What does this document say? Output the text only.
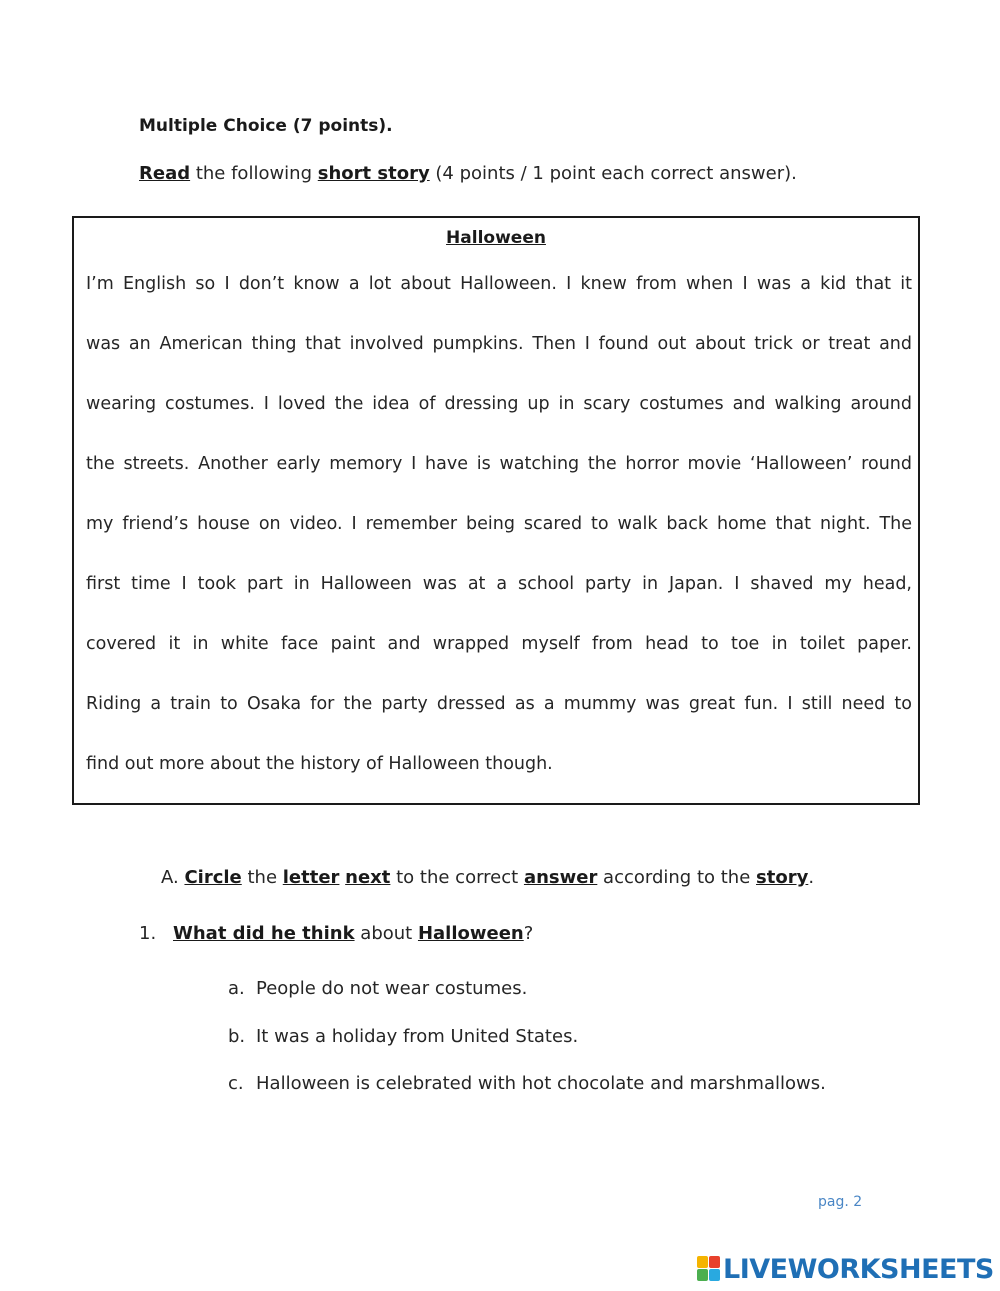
Multiple Choice (7 points).
Read the following short story (4 points / 1 point each correct answer).
Halloween
I’m English so I don’t know a lot about Halloween. I knew from when I was a kid that it
was an American thing that involved pumpkins. Then I found out about trick or treat and
wearing costumes. I loved the idea of dressing up in scary costumes and walking around
the streets. Another early memory I have is watching the horror movie ‘Halloween’ round
my friend’s house on video. I remember being scared to walk back home that night. The
first time I took part in Halloween was at a school party in Japan. I shaved my head,
covered it in white face paint and wrapped myself from head to toe in toilet paper.
Riding a train to Osaka for the party dressed as a mummy was great fun. I still need to
find out more about the history of Halloween though.
A. Circle the letter next to the correct answer according to the story.
1. What did he think about Halloween?
a. People do not wear costumes.
b. It was a holiday from United States.
c. Halloween is celebrated with hot chocolate and marshmallows.
pag. 2
LIVEWORKSHEETS
